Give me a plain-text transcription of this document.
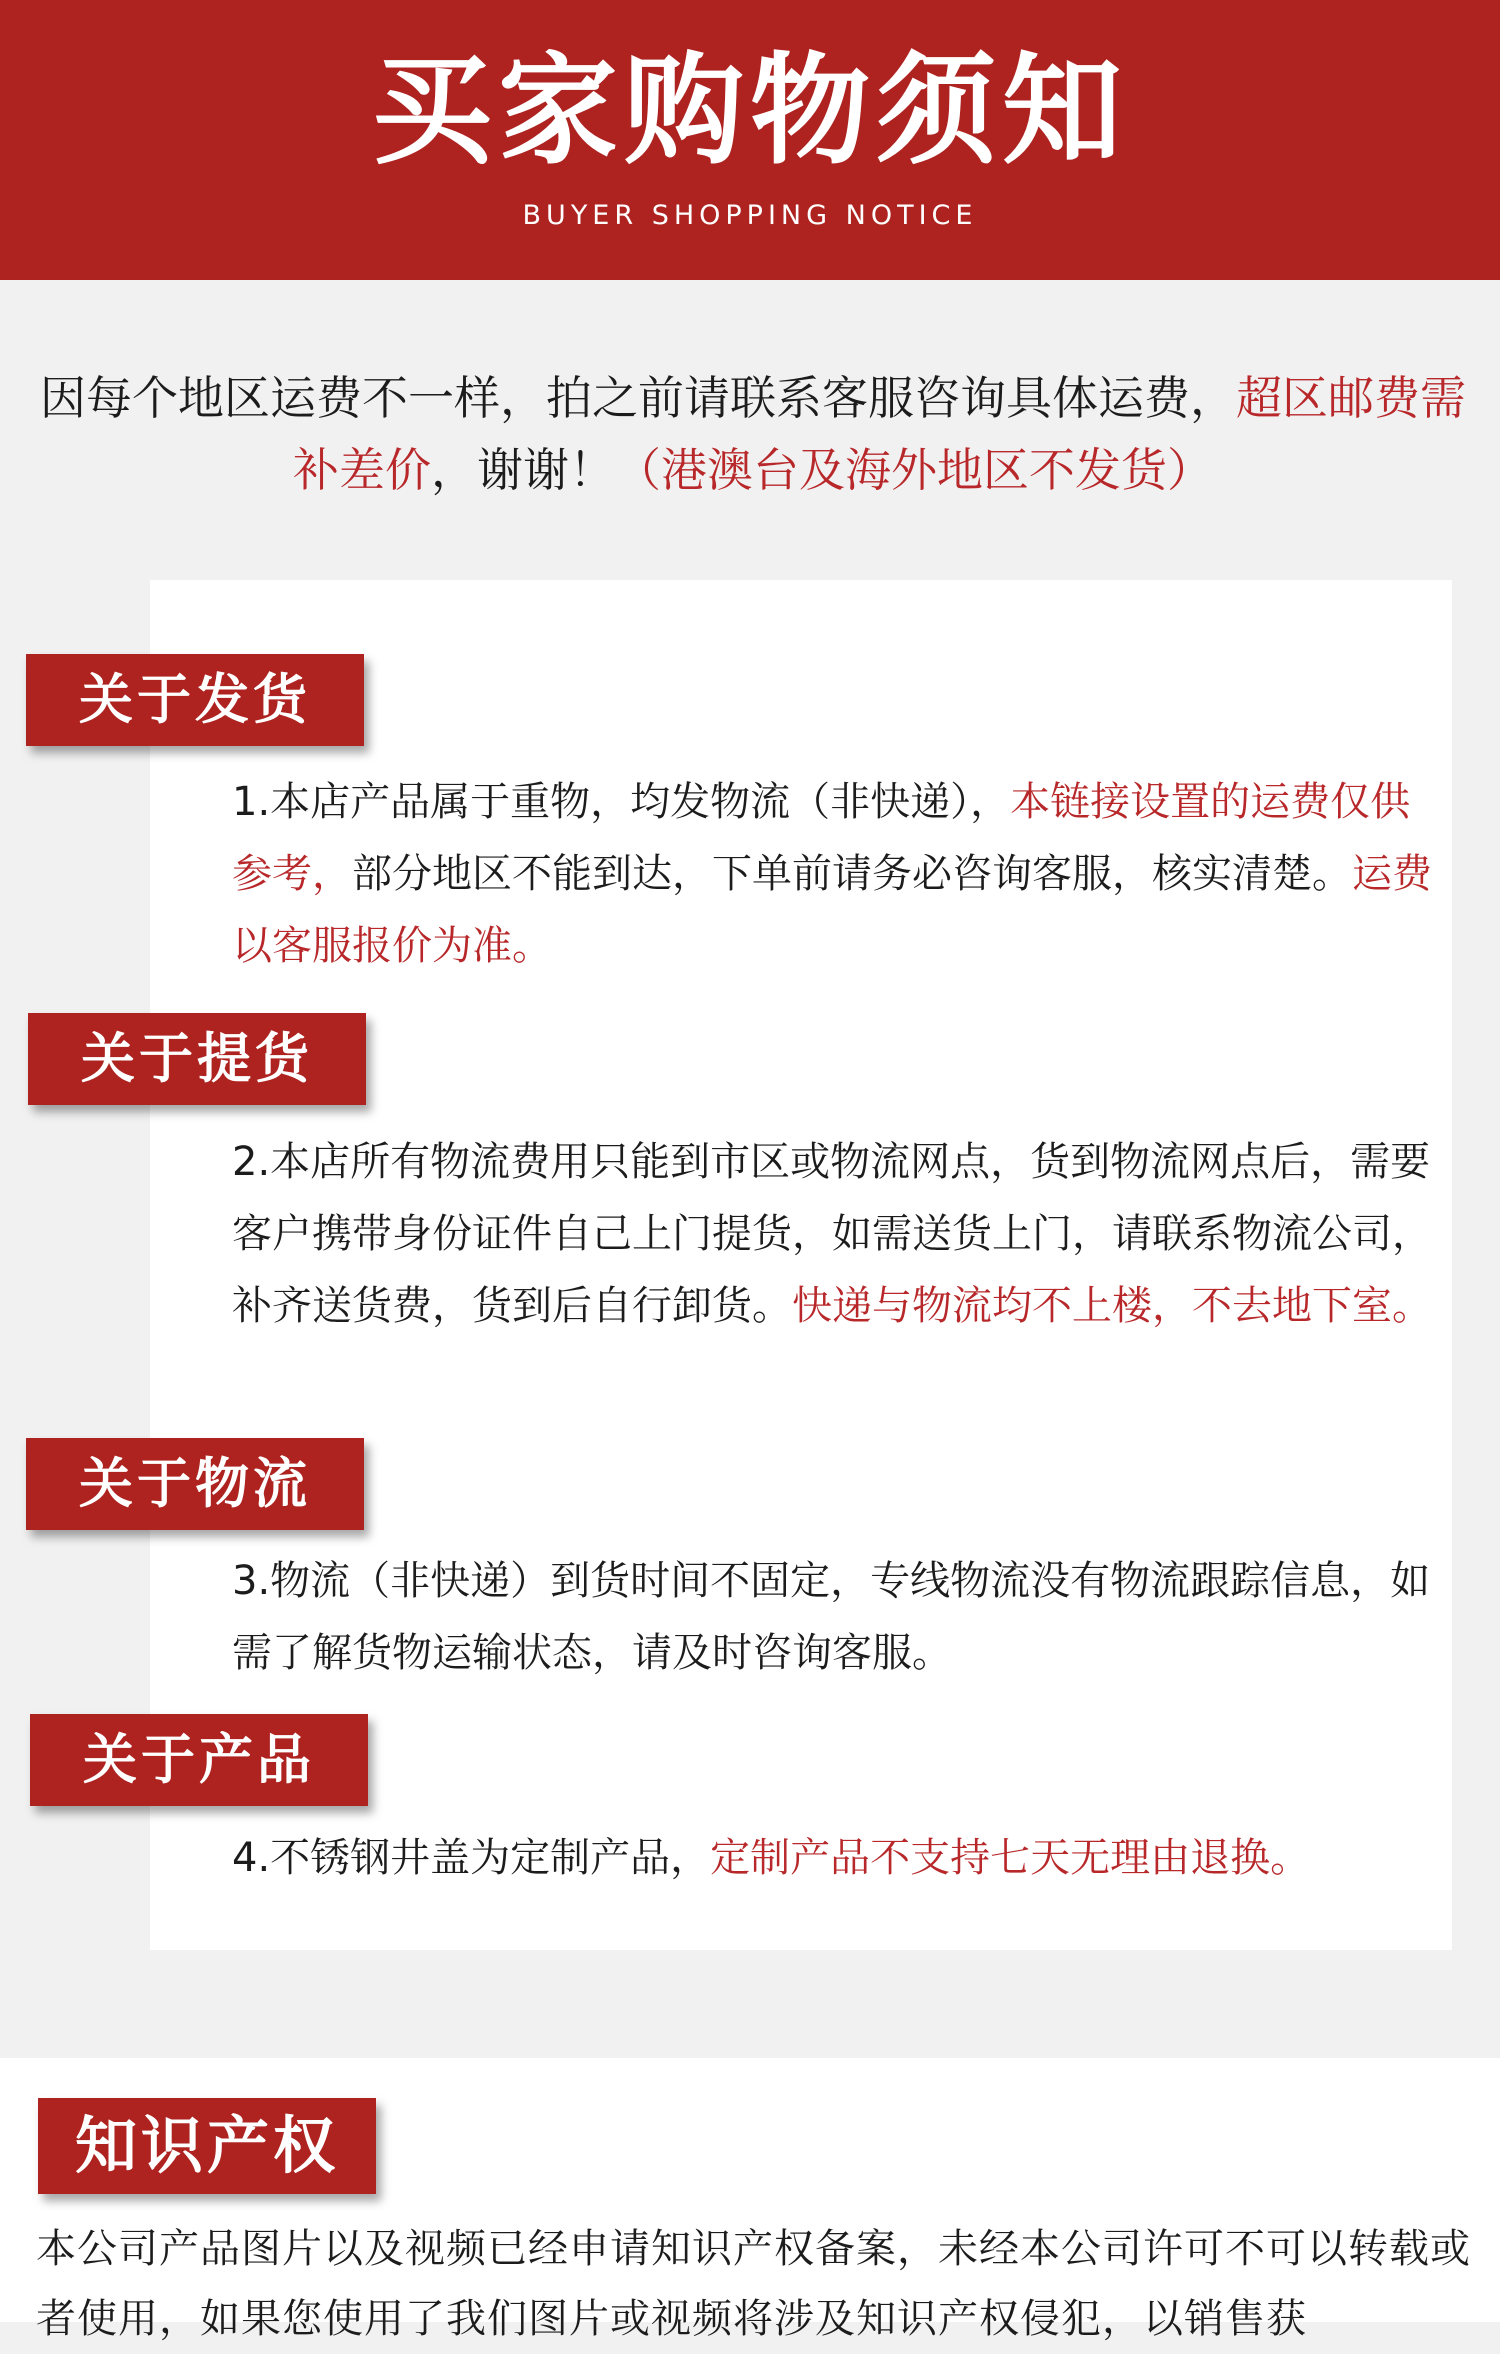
买家购物须知
BUYER SHOPPING NOTICE
因每个地区运费不一样，拍之前请联系客服咨询具体运费，超区邮费需补差价，谢谢！（港澳台及海外地区不发货）
关于发货
1.本店产品属于重物，均发物流（非快递），本链接设置的运费仅供参考，部分地区不能到达，下单前请务必咨询客服，核实清楚。运费以客服报价为准。
关于提货
2.本店所有物流费用只能到市区或物流网点，货到物流网点后，需要客户携带身份证件自己上门提货，如需送货上门，请联系物流公司，补齐送货费，货到后自行卸货。快递与物流均不上楼，不去地下室。
关于物流
3.物流（非快递）到货时间不固定，专线物流没有物流跟踪信息，如需了解货物运输状态，请及时咨询客服。
关于产品
4.不锈钢井盖为定制产品，定制产品不支持七天无理由退换。
知识产权
本公司产品图片以及视频已经申请知识产权备案，未经本公司许可不可以转载或者使用，如果您使用了我们图片或视频将涉及知识产权侵犯，以销售获
